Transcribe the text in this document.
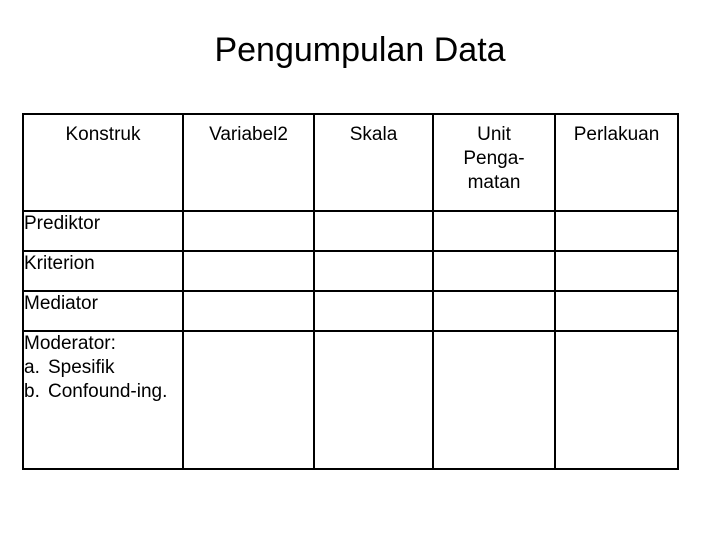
Pengumpulan Data
Konstruk	Variabel2	Skala	Unit
Penga-
matan	Perlakuan

Prediktor				
Kriterion				
Mediator				

Moderator:
a. Spesifik
b. Confound-ing.				
